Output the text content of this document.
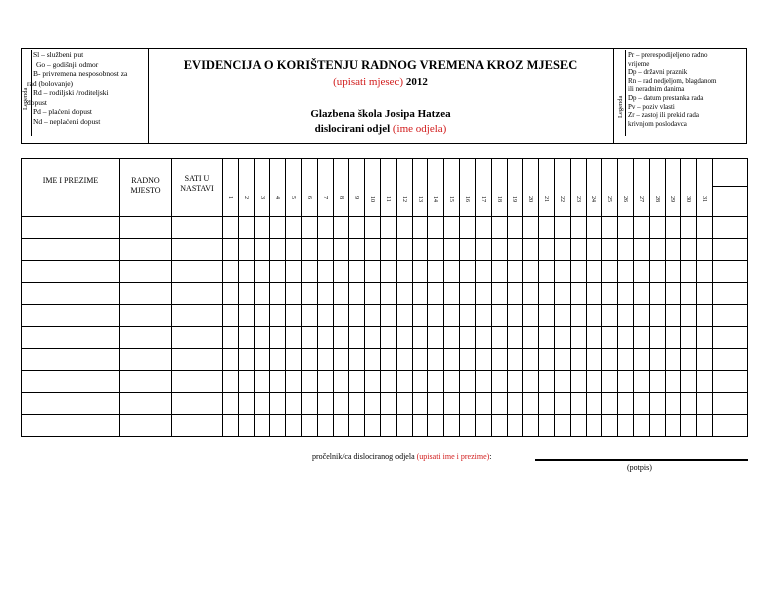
Legenda
Sl – službeni put
Go – godišnji odmor
B- privremena nesposobnost za
rad (bolovanje)
Rd – rodiljski /roditeljski
dopust
Pd – plaćeni dopust
Nd – neplaćeni dopust
EVIDENCIJA O KORIŠTENJU RADNOG VREMENA KROZ MJESEC
(upisati mjesec) 2012
Glazbena škola Josipa Hatzea
dislocirani odjel (ime odjela)
Legenda
Pr – prerespodijeljeno radno
vrijeme
Dp – državni praznik
Rn – rad nedjeljom, blagdanom
ili neradnim danima
Dp – datum prestanka rada
Pv – poziv vlasti
Zr – zastoj ili prekid rada
krivnjom poslodavca
1 2 3 4 5 6 7 8 9 10 11 12 13 14 15 16 17 18 19 20 21 22 23 24 25 26 27 28 29 30 31
IME I PREZIME	RADNO
MJESTO
SATI U
NASTAVI
pročelnik/ca dislociranog odjela (upisati ime i prezime):
(potpis)
